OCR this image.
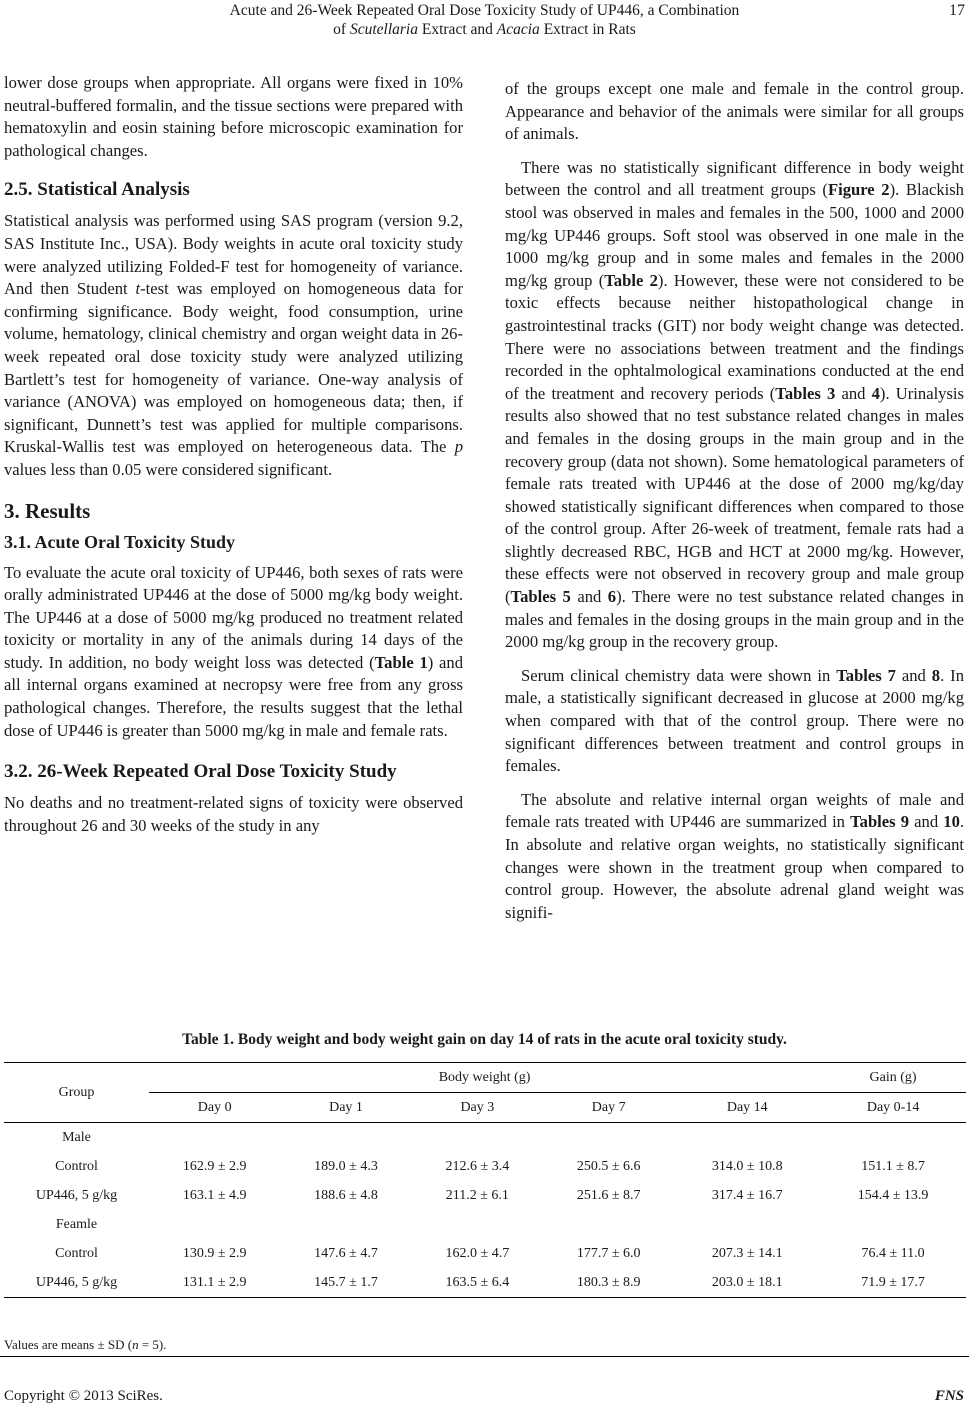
Acute and 26-Week Repeated Oral Dose Toxicity Study of UP446, a Combination
of Scutellaria Extract and Acacia Extract in Rats
17

lower dose groups when appropriate. All organs were fixed in 10% neutral-buffered formalin, and the tissue sections were prepared with hematoxylin and eosin staining before microscopic examination for pathological changes.

2.5. Statistical Analysis

Statistical analysis was performed using SAS program (version 9.2, SAS Institute Inc., USA). Body weights in acute oral toxicity study were analyzed utilizing Folded-F test for homogeneity of variance. And then Student t-test was employed on homogeneous data for confirming significance. Body weight, food consumption, urine volume, hematology, clinical chemistry and organ weight data in 26-week repeated oral dose toxicity study were analyzed utilizing Bartlett’s test for homogeneity of variance. One-way analysis of variance (ANOVA) was employed on homogeneous data; then, if significant, Dunnett’s test was applied for multiple comparisons. Kruskal-Wallis test was employed on heterogeneous data. The p values less than 0.05 were considered significant.

3. Results
3.1. Acute Oral Toxicity Study

To evaluate the acute oral toxicity of UP446, both sexes of rats were orally administrated UP446 at the dose of 5000 mg/kg body weight. The UP446 at a dose of 5000 mg/kg produced no treatment related toxicity or mortality in any of the animals during 14 days of the study. In addition, no body weight loss was detected (Table 1) and all internal organs examined at necropsy were free from any gross pathological changes. Therefore, the results suggest that the lethal dose of UP446 is greater than 5000 mg/kg in male and female rats.

3.2. 26-Week Repeated Oral Dose Toxicity Study

No deaths and no treatment-related signs of toxicity were observed throughout 26 and 30 weeks of the study in any

of the groups except one male and female in the control group. Appearance and behavior of the animals were similar for all groups of animals.

There was no statistically significant difference in body weight between the control and all treatment groups (Figure 2). Blackish stool was observed in males and females in the 500, 1000 and 2000 mg/kg UP446 groups. Soft stool was observed in one male in the 1000 mg/kg group and in some males and females in the 2000 mg/kg group (Table 2). However, these were not considered to be toxic effects because neither histopathological change in gastrointestinal tracks (GIT) nor body weight change was detected. There were no associations between treatment and the findings recorded in the ophtalmological examinations conducted at the end of the treatment and recovery periods (Tables 3 and 4). Urinalysis results also showed that no test substance related changes in males and females in the dosing groups in the main group and in the recovery group (data not shown). Some hematological parameters of female rats treated with UP446 at the dose of 2000 mg/kg/day showed statistically significant differences when compared to those of the control group. After 26-week of treatment, female rats had a slightly decreased RBC, HGB and HCT at 2000 mg/kg. However, these effects were not observed in recovery group and male group (Tables 5 and 6). There were no test substance related changes in males and females in the dosing groups in the main group and in the 2000 mg/kg group in the recovery group.

Serum clinical chemistry data were shown in Tables 7 and 8. In male, a statistically significant decreased in glucose at 2000 mg/kg when compared with that of the control group. There were no significant differences between treatment and control groups in females.

The absolute and relative internal organ weights of male and female rats treated with UP446 are summarized in Tables 9 and 10. In absolute and relative organ weights, no statistically significant changes were shown in the treatment group when compared to control group. However, the absolute adrenal gland weight was signifi-

Table 1. Body weight and body weight gain on day 14 of rats in the acute oral toxicity study.
Group	Body weight (g)					Gain (g)
	Day 0	Day 1	Day 3	Day 7	Day 14	Day 0-14
Male						
Control	162.9 ± 2.9	189.0 ± 4.3	212.6 ± 3.4	250.5 ± 6.6	314.0 ± 10.8	151.1 ± 8.7
UP446, 5 g/kg	163.1 ± 4.9	188.6 ± 4.8	211.2 ± 6.1	251.6 ± 8.7	317.4 ± 16.7	154.4 ± 13.9
Feamle						
Control	130.9 ± 2.9	147.6 ± 4.7	162.0 ± 4.7	177.7 ± 6.0	207.3 ± 14.1	76.4 ± 11.0
UP446, 5 g/kg	131.1 ± 2.9	145.7 ± 1.7	163.5 ± 6.4	180.3 ± 8.9	203.0 ± 18.1	71.9 ± 17.7
Values are means ± SD (n = 5).
Copyright © 2013 SciRes.	FNS
